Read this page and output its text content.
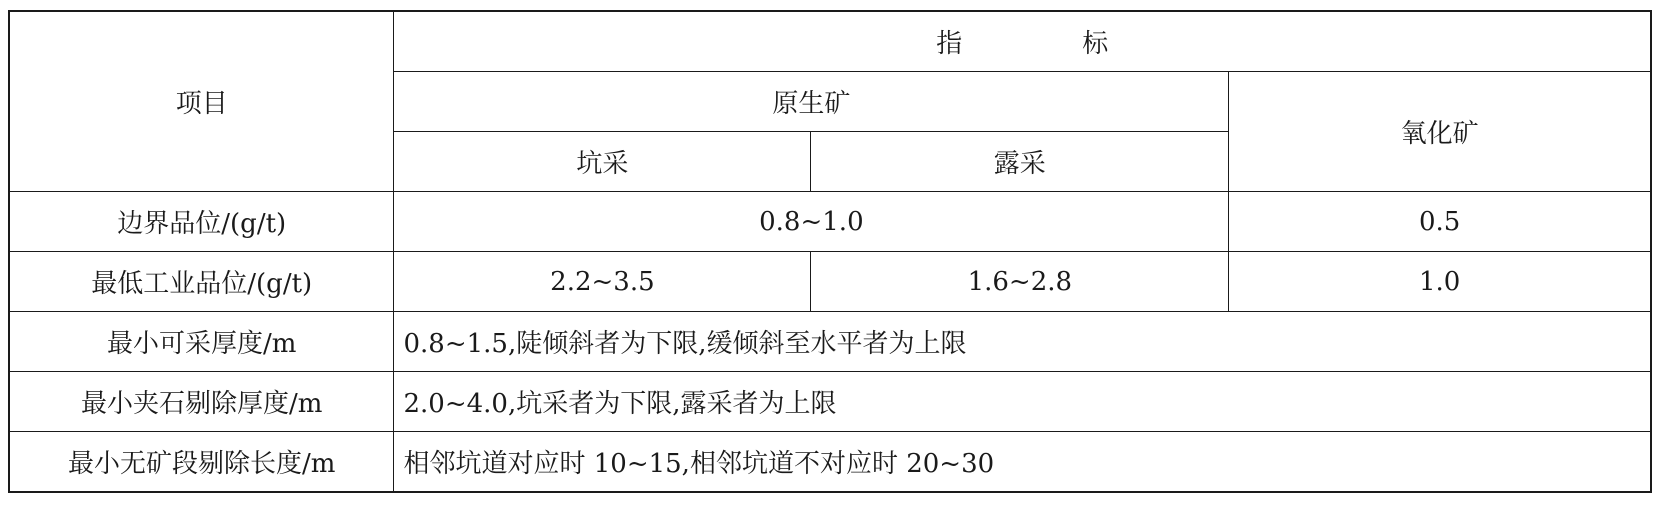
项目	指 标		
	原生矿		氧化矿
	坑采	露采	
边界品位/(g/t)	0.8~1.0		0.5
最低工业品位/(g/t)	2.2~3.5	1.6~2.8	1.0
最小可采厚度/m	0.8~1.5,陡倾斜者为下限,缓倾斜至水平者为上限		
最小夹石剔除厚度/m	2.0~4.0,坑采者为下限,露采者为上限		
最小无矿段剔除长度/m	相邻坑道对应时 10~15,相邻坑道不对应时 20~30		
